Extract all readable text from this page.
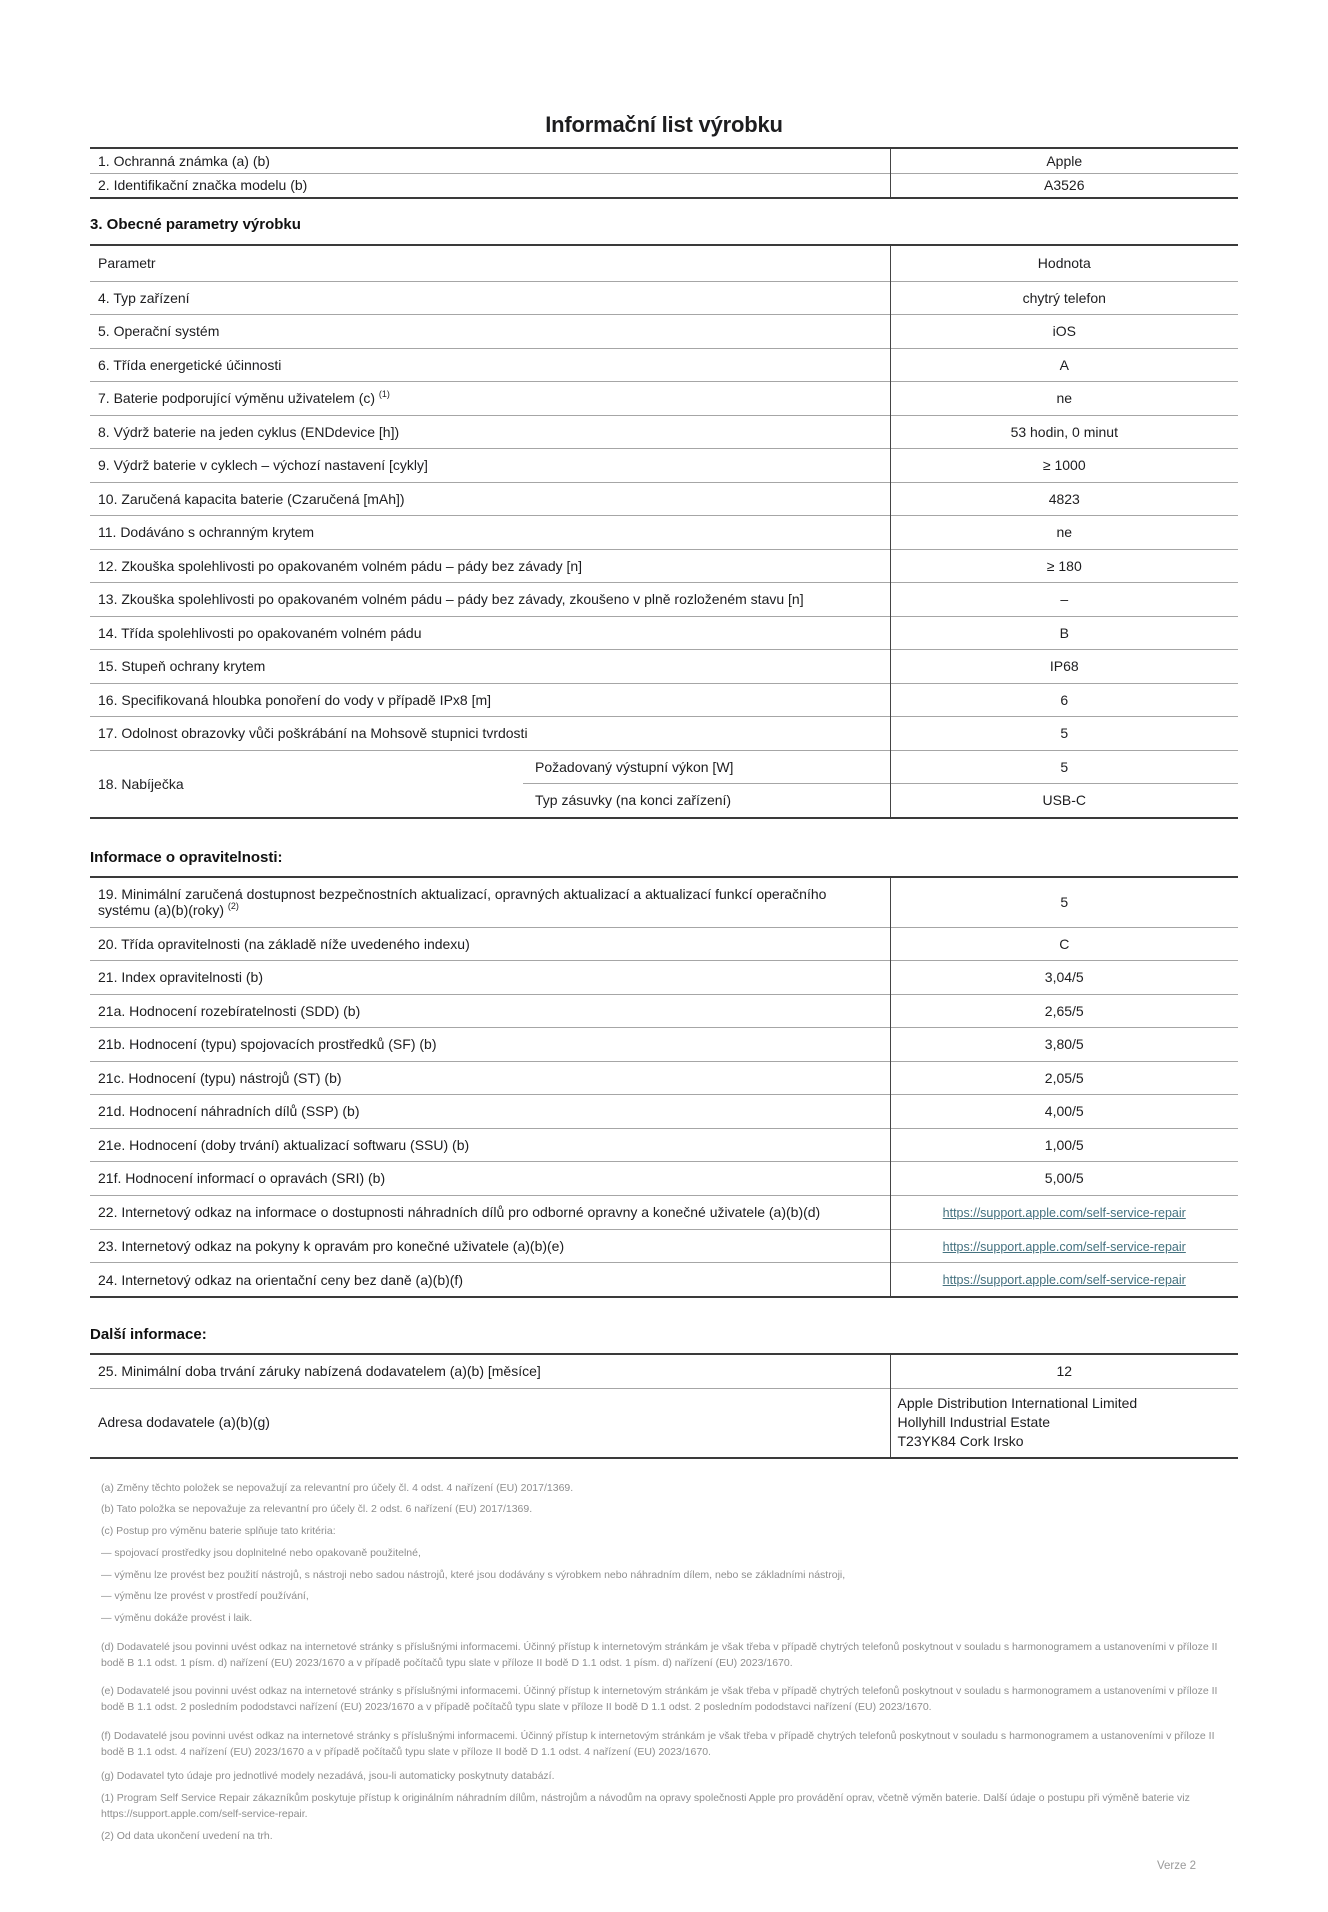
Informační list výrobku
1. Ochranná známka (a) (b)	Apple
2. Identifikační značka modelu (b)	A3526
3. Obecné parametry výrobku
Parametr		Hodnota
4. Typ zařízení		chytrý telefon
5. Operační systém		iOS
6. Třída energetické účinnosti		A
7. Baterie podporující výměnu uživatelem (c) $^{(1)}$		ne
8. Výdrž baterie na jeden cyklus (ENDdevice [h])		53 hodin, 0 minut
9. Výdrž baterie v cyklech – výchozí nastavení [cykly]		≥ 1000
10. Zaručená kapacita baterie (Czaručená [mAh])		4823
11. Dodáváno s ochranným krytem		ne
12. Zkouška spolehlivosti po opakovaném volném pádu – pády bez závady [n]		≥ 180
13. Zkouška spolehlivosti po opakovaném volném pádu – pády bez závady, zkoušeno v plně rozloženém stavu [n]		–
14. Třída spolehlivosti po opakovaném volném pádu		B
15. Stupeň ochrany krytem		IP68
16. Specifikovaná hloubka ponoření do vody v případě IPx8 [m]		6
17. Odolnost obrazovky vůči poškrábání na Mohsově stupnici tvrdosti		5
18. Nabíječka	Požadovaný výstupní výkon [W]	5
	Typ zásuvky (na konci zařízení)	USB-C
Informace o opravitelnosti:
19. Minimální zaručená dostupnost bezpečnostních aktualizací, opravných aktualizací a aktualizací funkcí operačního systému (a)(b)(roky) $^{(2)}$	5
20. Třída opravitelnosti (na základě níže uvedeného indexu)	C
21. Index opravitelnosti (b)	3,04/5
21a. Hodnocení rozebíratelnosti (SDD) (b)	2,65/5
21b. Hodnocení (typu) spojovacích prostředků (SF) (b)	3,80/5
21c. Hodnocení (typu) nástrojů (ST) (b)	2,05/5
21d. Hodnocení náhradních dílů (SSP) (b)	4,00/5
21e. Hodnocení (doby trvání) aktualizací softwaru (SSU) (b)	1,00/5
21f. Hodnocení informací o opravách (SRI) (b)	5,00/5
22. Internetový odkaz na informace o dostupnosti náhradních dílů pro odborné opravny a konečné uživatele (a)(b)(d)	https://support.apple.com/self-service-repair
23. Internetový odkaz na pokyny k opravám pro konečné uživatele (a)(b)(e)	https://support.apple.com/self-service-repair
24. Internetový odkaz na orientační ceny bez daně (a)(b)(f)	https://support.apple.com/self-service-repair
Další informace:
25. Minimální doba trvání záruky nabízená dodavatelem (a)(b) [měsíce]	12
Adresa dodavatele (a)(b)(g)	Apple Distribution International Limited
Hollyhill Industrial Estate
T23YK84 Cork Irsko

(a) Změny těchto položek se nepovažují za relevantní pro účely čl. 4 odst. 4 nařízení (EU) 2017/1369.

(b) Tato položka se nepovažuje za relevantní pro účely čl. 2 odst. 6 nařízení (EU) 2017/1369.

(c) Postup pro výměnu baterie splňuje tato kritéria:

— spojovací prostředky jsou doplnitelné nebo opakovaně použitelné,

— výměnu lze provést bez použití nástrojů, s nástroji nebo sadou nástrojů, které jsou dodávány s výrobkem nebo náhradním dílem, nebo se základními nástroji,

— výměnu lze provést v prostředí používání,

— výměnu dokáže provést i laik.

(d) Dodavatelé jsou povinni uvést odkaz na internetové stránky s příslušnými informacemi. Účinný přístup k internetovým stránkám je však třeba v případě chytrých telefonů poskytnout v souladu s harmonogramem a ustanoveními v příloze II bodě B 1.1 odst. 1 písm. d) nařízení (EU) 2023/1670 a v případě počítačů typu slate v příloze II bodě D 1.1 odst. 1 písm. d) nařízení (EU) 2023/1670.

(e) Dodavatelé jsou povinni uvést odkaz na internetové stránky s příslušnými informacemi. Účinný přístup k internetovým stránkám je však třeba v případě chytrých telefonů poskytnout v souladu s harmonogramem a ustanoveními v příloze II bodě B 1.1 odst. 2 posledním pododstavci nařízení (EU) 2023/1670 a v případě počítačů typu slate v příloze II bodě D 1.1 odst. 2 posledním pododstavci nařízení (EU) 2023/1670.

(f) Dodavatelé jsou povinni uvést odkaz na internetové stránky s příslušnými informacemi. Účinný přístup k internetovým stránkám je však třeba v případě chytrých telefonů poskytnout v souladu s harmonogramem a ustanoveními v příloze II bodě B 1.1 odst. 4 nařízení (EU) 2023/1670 a v případě počítačů typu slate v příloze II bodě D 1.1 odst. 4 nařízení (EU) 2023/1670.

(g) Dodavatel tyto údaje pro jednotlivé modely nezadává, jsou-li automaticky poskytnuty databází.

(1) Program Self Service Repair zákazníkům poskytuje přístup k originálním náhradním dílům, nástrojům a návodům na opravy společnosti Apple pro provádění oprav, včetně výměn baterie. Další údaje o postupu při výměně baterie viz https://support.apple.com/self-service-repair.

(2) Od data ukončení uvedení na trh.

Verze 2
